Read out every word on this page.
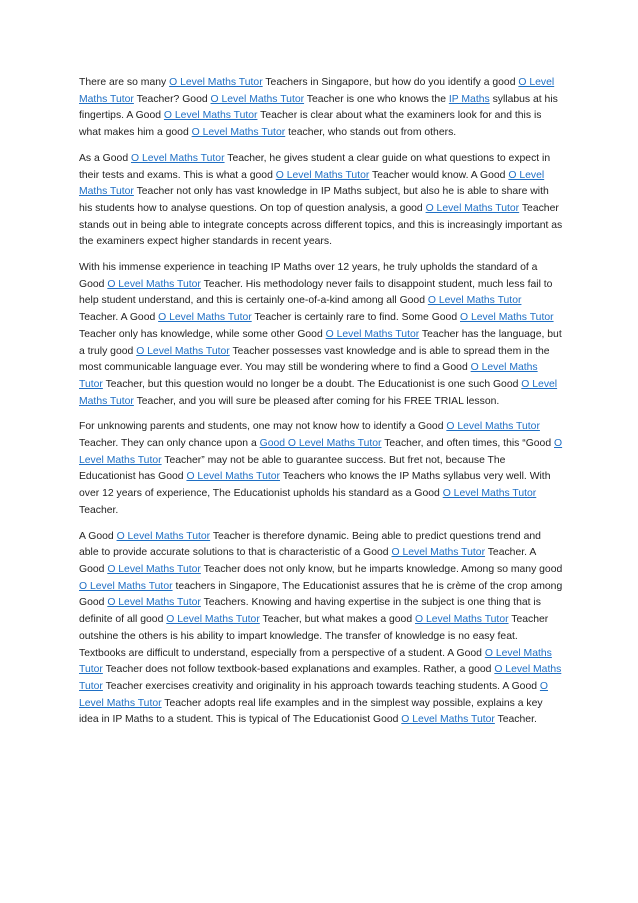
There are so many O Level Maths Tutor Teachers in Singapore, but how do you identify a good O Level Maths Tutor Teacher? Good O Level Maths Tutor Teacher is one who knows the IP Maths syllabus at his fingertips. A Good O Level Maths Tutor Teacher is clear about what the examiners look for and this is what makes him a good O Level Maths Tutor teacher, who stands out from others.

As a Good O Level Maths Tutor Teacher, he gives student a clear guide on what questions to expect in their tests and exams. This is what a good O Level Maths Tutor Teacher would know. A Good O Level Maths Tutor Teacher not only has vast knowledge in IP Maths subject, but also he is able to share with his students how to analyse questions. On top of question analysis, a good O Level Maths Tutor Teacher stands out in being able to integrate concepts across different topics, and this is increasingly important as the examiners expect higher standards in recent years.

With his immense experience in teaching IP Maths over 12 years, he truly upholds the standard of a Good O Level Maths Tutor Teacher. His methodology never fails to disappoint student, much less fail to help student understand, and this is certainly one-of-a-kind among all Good O Level Maths Tutor Teacher. A Good O Level Maths Tutor Teacher is certainly rare to find. Some Good O Level Maths Tutor Teacher only has knowledge, while some other Good O Level Maths Tutor Teacher has the language, but a truly good O Level Maths Tutor Teacher possesses vast knowledge and is able to spread them in the most communicable language ever. You may still be wondering where to find a Good O Level Maths Tutor Teacher, but this question would no longer be a doubt. The Educationist is one such Good O Level Maths Tutor Teacher, and you will sure be pleased after coming for his FREE TRIAL lesson.

For unknowing parents and students, one may not know how to identify a Good O Level Maths Tutor Teacher. They can only chance upon a Good O Level Maths Tutor Teacher, and often times, this “Good O Level Maths Tutor Teacher” may not be able to guarantee success. But fret not, because The Educationist has Good O Level Maths Tutor Teachers who knows the IP Maths syllabus very well. With over 12 years of experience, The Educationist upholds his standard as a Good O Level Maths Tutor Teacher.

A Good O Level Maths Tutor Teacher is therefore dynamic. Being able to predict questions trend and able to provide accurate solutions to that is characteristic of a Good O Level Maths Tutor Teacher. A Good O Level Maths Tutor Teacher does not only know, but he imparts knowledge. Among so many good O Level Maths Tutor teachers in Singapore, The Educationist assures that he is crème of the crop among Good O Level Maths Tutor Teachers. Knowing and having expertise in the subject is one thing that is definite of all good O Level Maths Tutor Teacher, but what makes a good O Level Maths Tutor Teacher outshine the others is his ability to impart knowledge. The transfer of knowledge is no easy feat. Textbooks are difficult to understand, especially from a perspective of a student. A Good O Level Maths Tutor Teacher does not follow textbook-based explanations and examples. Rather, a good O Level Maths Tutor Teacher exercises creativity and originality in his approach towards teaching students. A Good O Level Maths Tutor Teacher adopts real life examples and in the simplest way possible, explains a key idea in IP Maths to a student. This is typical of The Educationist Good O Level Maths Tutor Teacher.
